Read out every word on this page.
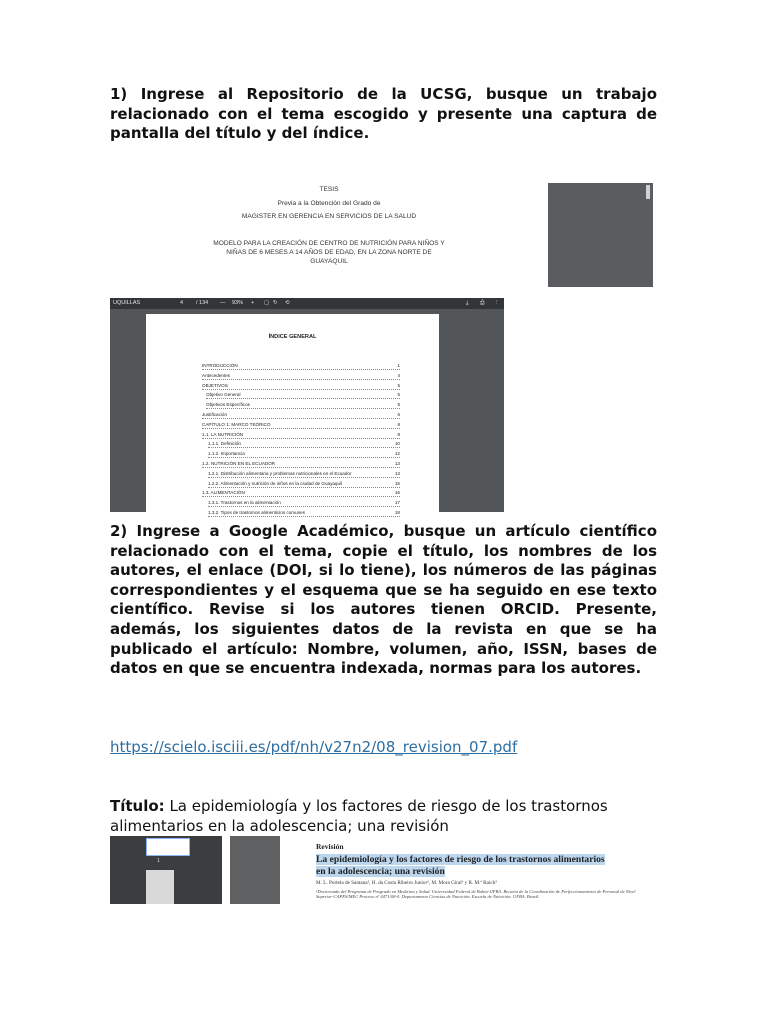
1) Ingrese al Repositorio de la UCSG, busque un trabajo relacionado con el tema escogido y presente una captura de pantalla del título y del índice.

TESIS
Previa a la Obtención del Grado de
MAGISTER EN GERENCIA EN SERVICIOS DE LA SALUD
MODELO PARA LA CREACIÓN DE CENTRO DE NUTRICIÓN PARA NIÑOS Y
NIÑAS DE 6 MESES A 14 AÑOS DE EDAD, EN LA ZONA NORTE DE
GUAYAQUIL
UQUILLAS	4 / 134 — 93% + ▢ ↻ ⟲	⤓ ⎙ ⋮
ÍNDICE GENERAL
INTRODUCCIÓN	1
Antecedentes	4
OBJETIVOS	5
Objetivo General	5
Objetivos Específicos	5
Justificación	6
CAPÍTULO 1: MARCO TEÓRICO	8
1.1. LA NUTRICIÓN	8
1.1.1. Definición	10
1.1.2. Importancia	12
1.2. NUTRICIÓN EN EL ECUADOR	13
1.2.1. Distribución alimentaria y problemas nutricionales en el Ecuador	13
1.2.2. Alimentación y nutrición de niños en la ciudad de Guayaquil	15
1.3. ALIMENTACIÓN	16
1.3.1. Trastornos en la alimentación	17
1.3.2. Tipos de trastornos alimenticios comunes	18

2) Ingrese a Google Académico, busque un artículo científico relacionado con el tema, copie el título, los nombres de los autores, el enlace (DOI, si lo tiene), los números de las páginas correspondientes y el esquema que se ha seguido en ese texto científico. Revise si los autores tienen ORCID. Presente, además, los siguientes datos de la revista en que se ha publicado el artículo: Nombre, volumen, año, ISSN, bases de datos en que se encuentra indexada, normas para los autores.

https://scielo.isciii.es/pdf/nh/v27n2/08_revision_07.pdf

Título: La epidemiología y los factores de riesgo de los trastornos alimentarios en la adolescencia; una revisión

1
Revisión
La epidemiología y los factores de riesgo de los trastornos alimentarios
en la adolescencia; una revisión
M. L. Portela de Santana¹, H. da Costa Ribeiro Junior², M. Mora Giral³ y R. M.ª Raich³
¹Doctoranda del Programa de Posgrado en Medicina y Salud. Universidad Federal de Bahía-UFBA. Becaria de la Coordinación de Perfeccionamiento de Personal de Nivel Superior-CAPES/MEC Proceso nº 4471/08-0. Departamento Ciencias de Nutrición. Escuela de Nutrición. UFBA. Brasil.
